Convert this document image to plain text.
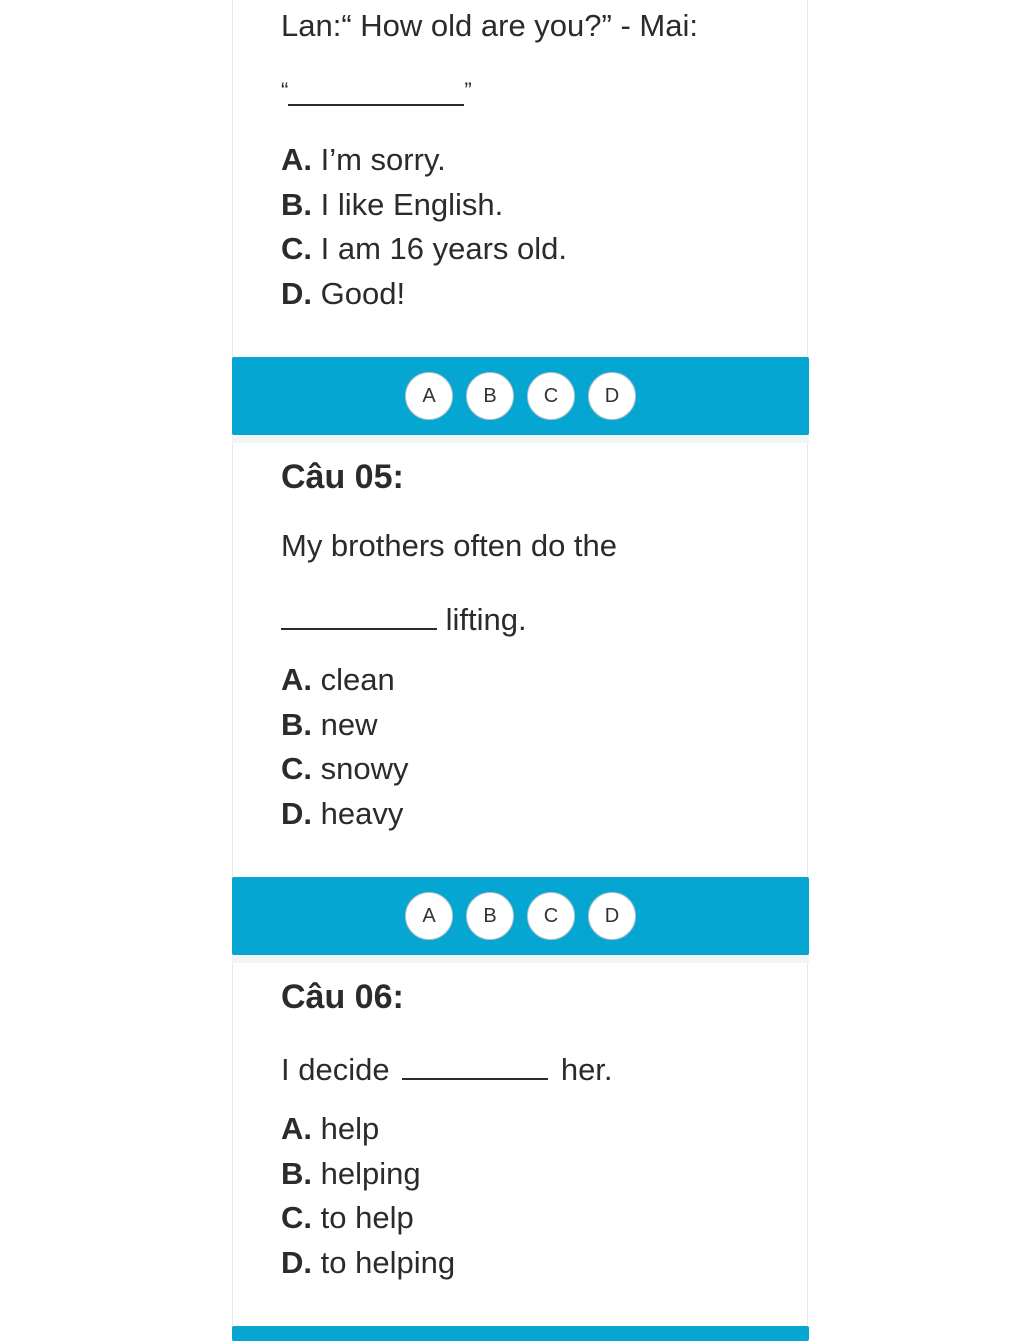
Lan:“ How old are you?” - Mai:
“	”
A. I’m sorry.
B. I like English.
C. I am 16 years old.
D. Good!
A	B	C	D
Câu 05:
My brothers often do the
lifting.
A. clean
B. new
C. snowy
D. heavy
A	B	C	D
Câu 06:
I decide	her.
A. help
B. helping
C. to help
D. to helping
